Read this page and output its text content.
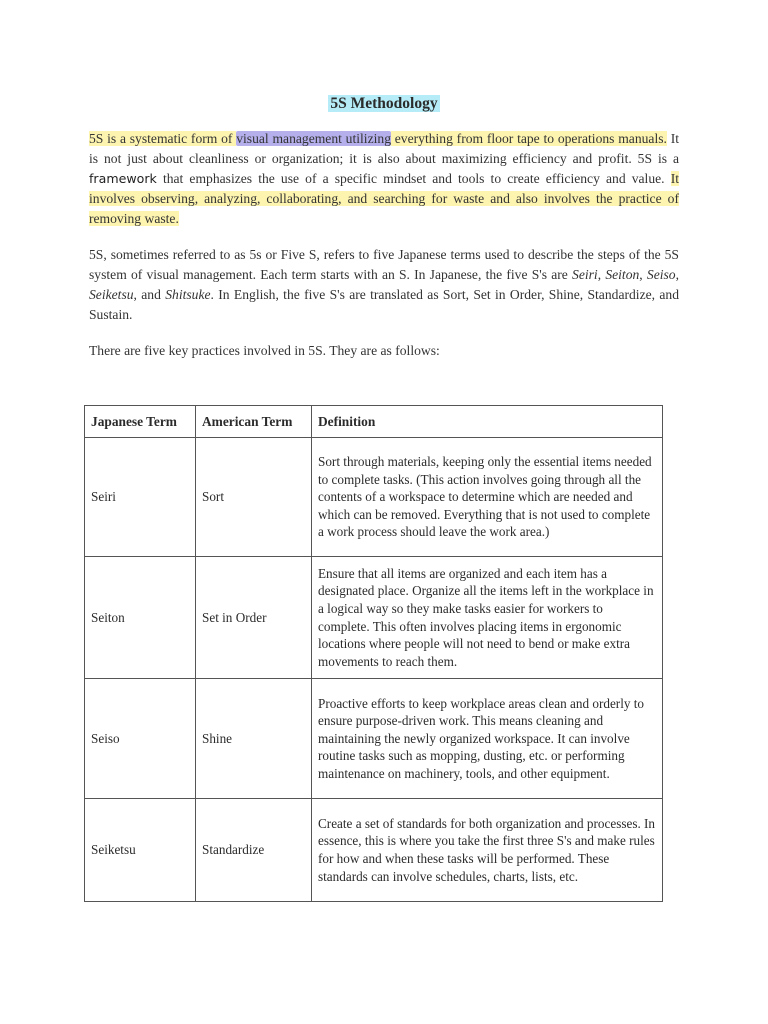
5S Methodology

5S is a systematic form of visual management utilizing everything from floor tape to operations manuals. It is not just about cleanliness or organization; it is also about maximizing efficiency and profit. 5S is a framework that emphasizes the use of a specific mindset and tools to create efficiency and value. It involves observing, analyzing, collaborating, and searching for waste and also involves the practice of removing waste.

5S, sometimes referred to as 5s or Five S, refers to five Japanese terms used to describe the steps of the 5S system of visual management. Each term starts with an S. In Japanese, the five S's are Seiri, Seiton, Seiso, Seiketsu, and Shitsuke. In English, the five S's are translated as Sort, Set in Order, Shine, Standardize, and Sustain.

There are five key practices involved in 5S. They are as follows:

Japanese Term	American Term	Definition
Seiri	Sort	Sort through materials, keeping only the essential items needed to complete tasks. (This action involves going through all the contents of a workspace to determine which are needed and which can be removed. Everything that is not used to complete a work process should leave the work area.)
Seiton	Set in Order	Ensure that all items are organized and each item has a designated place. Organize all the items left in the workplace in a logical way so they make tasks easier for workers to complete. This often involves placing items in ergonomic locations where people will not need to bend or make extra movements to reach them.
Seiso	Shine	Proactive efforts to keep workplace areas clean and orderly to ensure purpose-driven work. This means cleaning and maintaining the newly organized workspace. It can involve routine tasks such as mopping, dusting, etc. or performing maintenance on machinery, tools, and other equipment.
Seiketsu	Standardize	Create a set of standards for both organization and processes. In essence, this is where you take the first three S's and make rules for how and when these tasks will be performed. These standards can involve schedules, charts, lists, etc.
